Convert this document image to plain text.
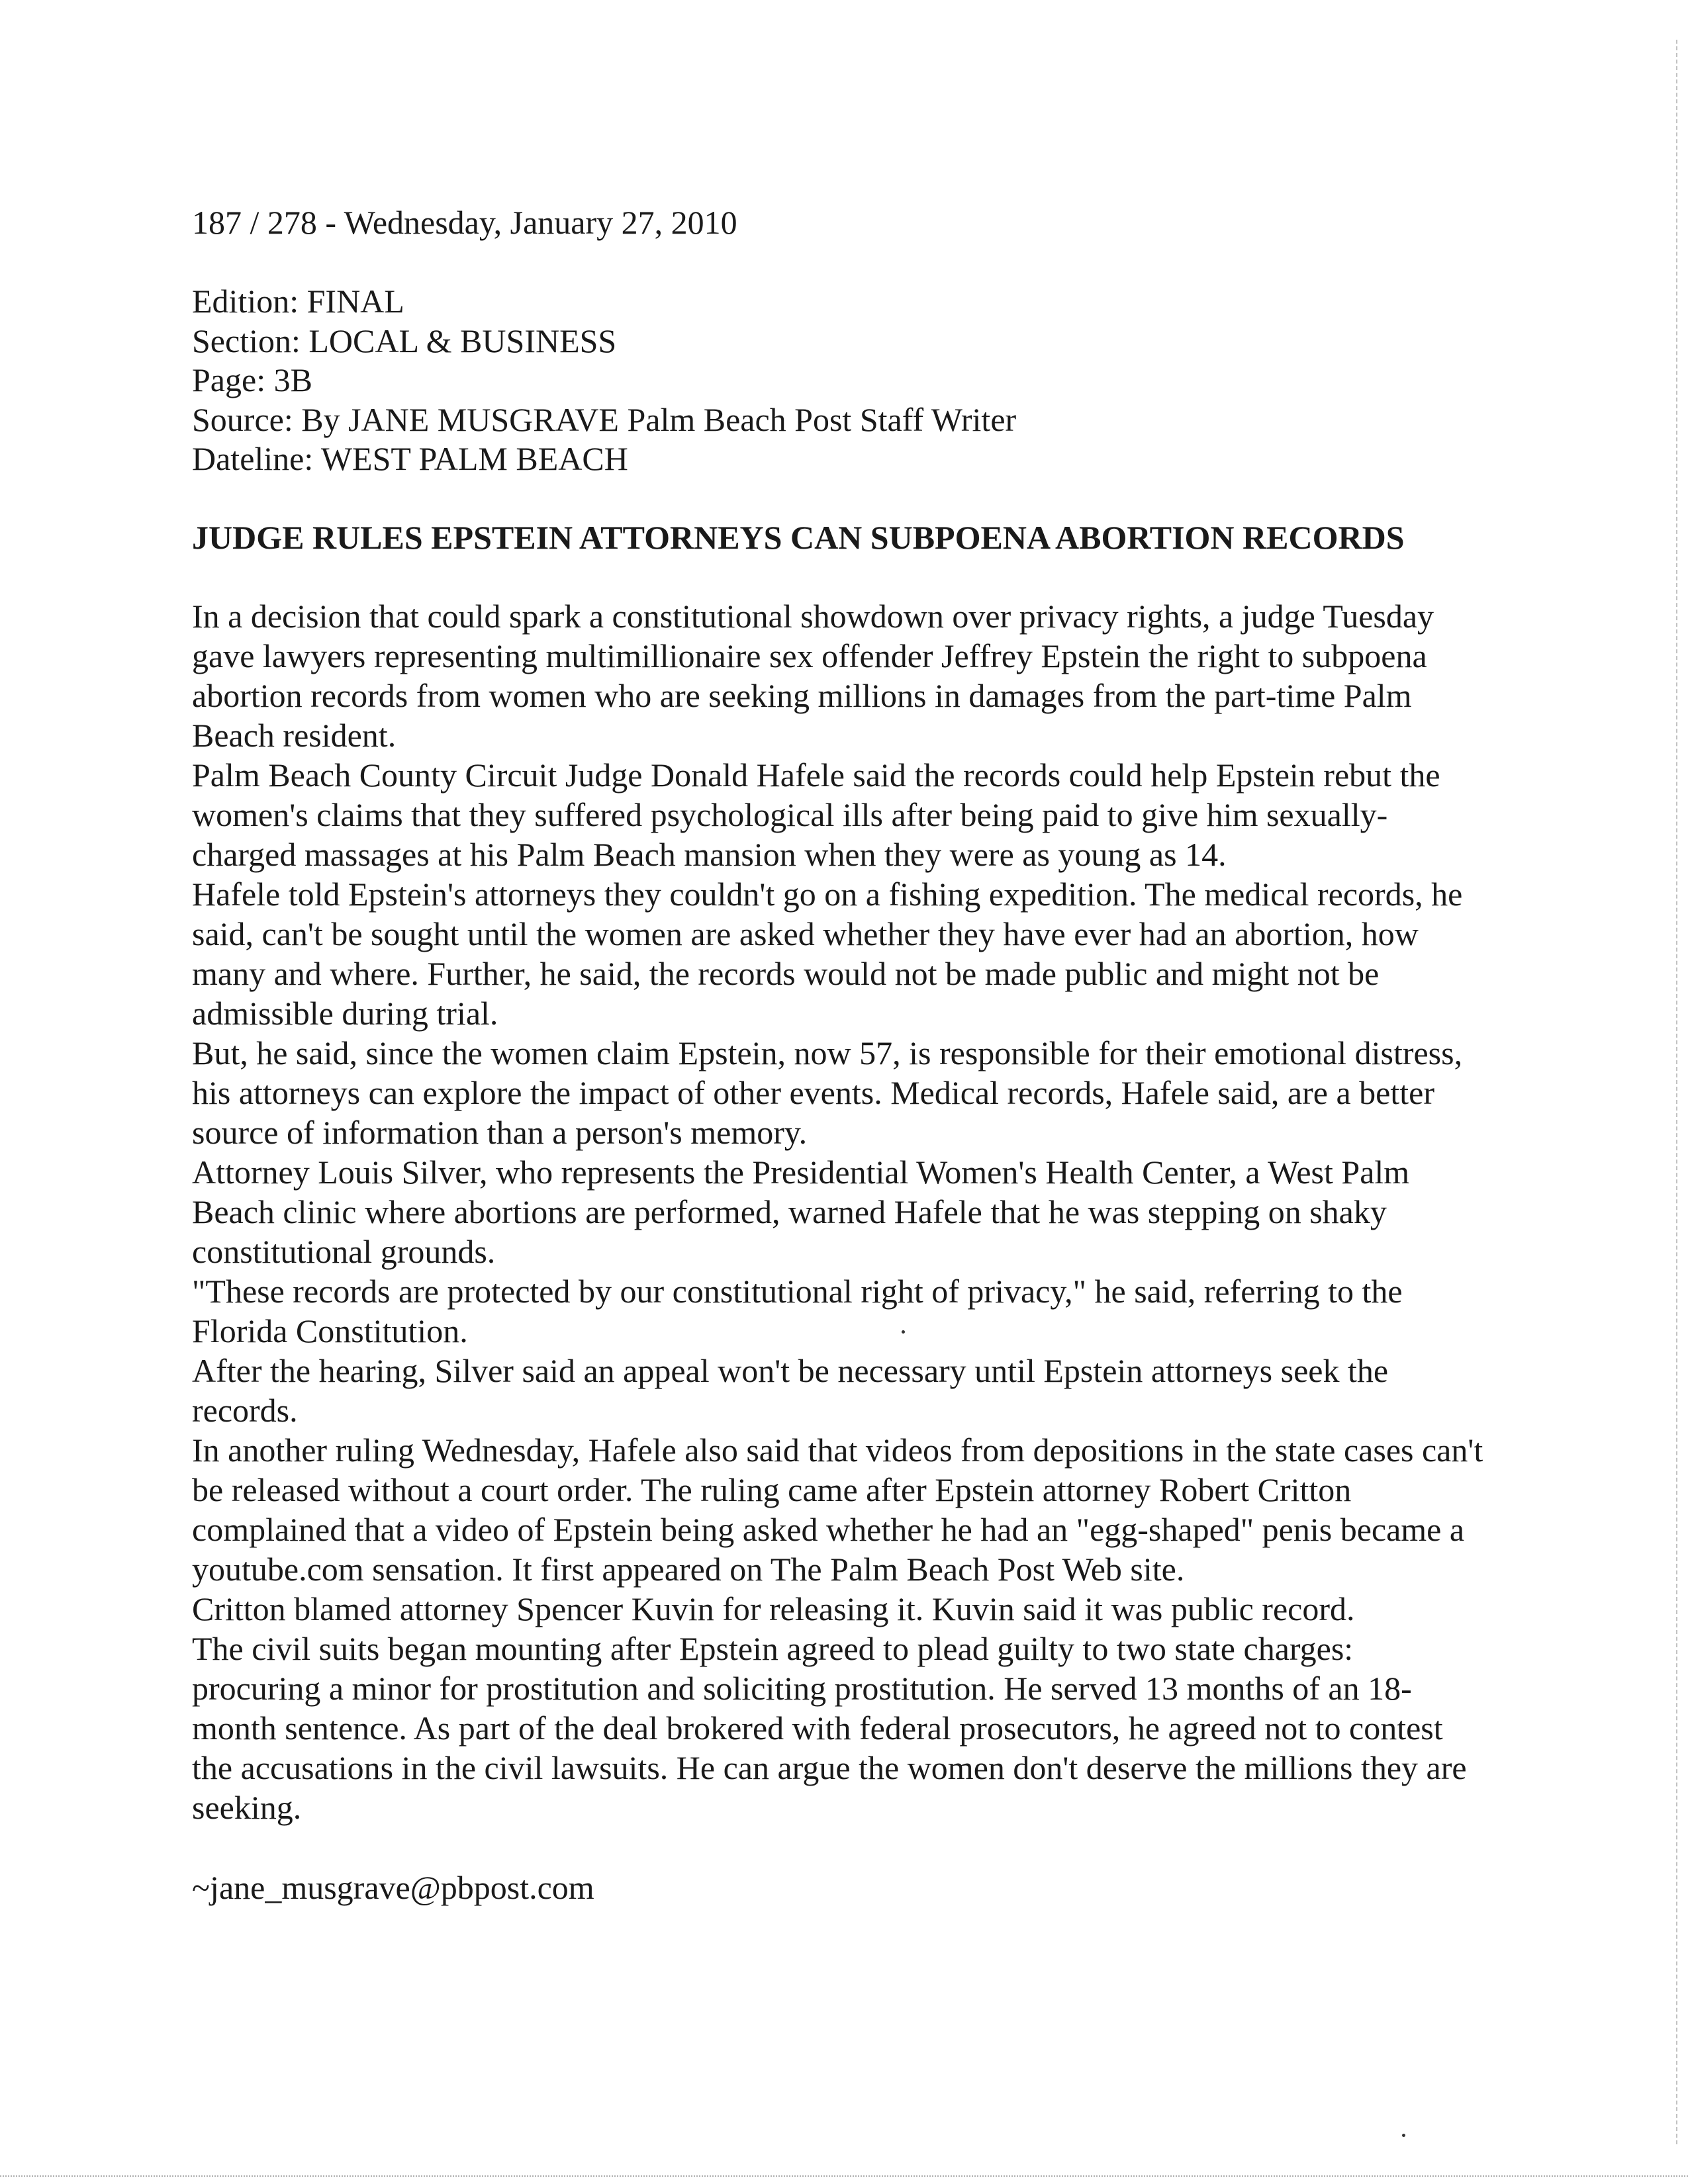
187 / 278 - Wednesday, January 27, 2010
Edition: FINAL
Section: LOCAL & BUSINESS
Page: 3B
Source: By JANE MUSGRAVE Palm Beach Post Staff Writer
Dateline: WEST PALM BEACH
JUDGE RULES EPSTEIN ATTORNEYS CAN SUBPOENA ABORTION RECORDS

In a decision that could spark a constitutional showdown over privacy rights, a judge Tuesday gave lawyers representing multimillionaire sex offender Jeffrey Epstein the right to subpoena abortion records from women who are seeking millions in damages from the part-time Palm Beach resident.

Palm Beach County Circuit Judge Donald Hafele said the records could help Epstein rebut the women's claims that they suffered psychological ills after being paid to give him sexually-charged massages at his Palm Beach mansion when they were as young as 14.

Hafele told Epstein's attorneys they couldn't go on a fishing expedition. The medical records, he said, can't be sought until the women are asked whether they have ever had an abortion, how many and where. Further, he said, the records would not be made public and might not be admissible during trial.

But, he said, since the women claim Epstein, now 57, is responsible for their emotional distress, his attorneys can explore the impact of other events. Medical records, Hafele said, are a better source of information than a person's memory.

Attorney Louis Silver, who represents the Presidential Women's Health Center, a West Palm Beach clinic where abortions are performed, warned Hafele that he was stepping on shaky constitutional grounds.

"These records are protected by our constitutional right of privacy," he said, referring to the Florida Constitution.

After the hearing, Silver said an appeal won't be necessary until Epstein attorneys seek the records.

In another ruling Wednesday, Hafele also said that videos from depositions in the state cases can't be released without a court order. The ruling came after Epstein attorney Robert Critton complained that a video of Epstein being asked whether he had an "egg-shaped" penis became a youtube.com sensation. It first appeared on The Palm Beach Post Web site.

Critton blamed attorney Spencer Kuvin for releasing it. Kuvin said it was public record.

The civil suits began mounting after Epstein agreed to plead guilty to two state charges: procuring a minor for prostitution and soliciting prostitution. He served 13 months of an 18-month sentence. As part of the deal brokered with federal prosecutors, he agreed not to contest the accusations in the civil lawsuits. He can argue the women don't deserve the millions they are seeking.

~jane_musgrave@pbpost.com
